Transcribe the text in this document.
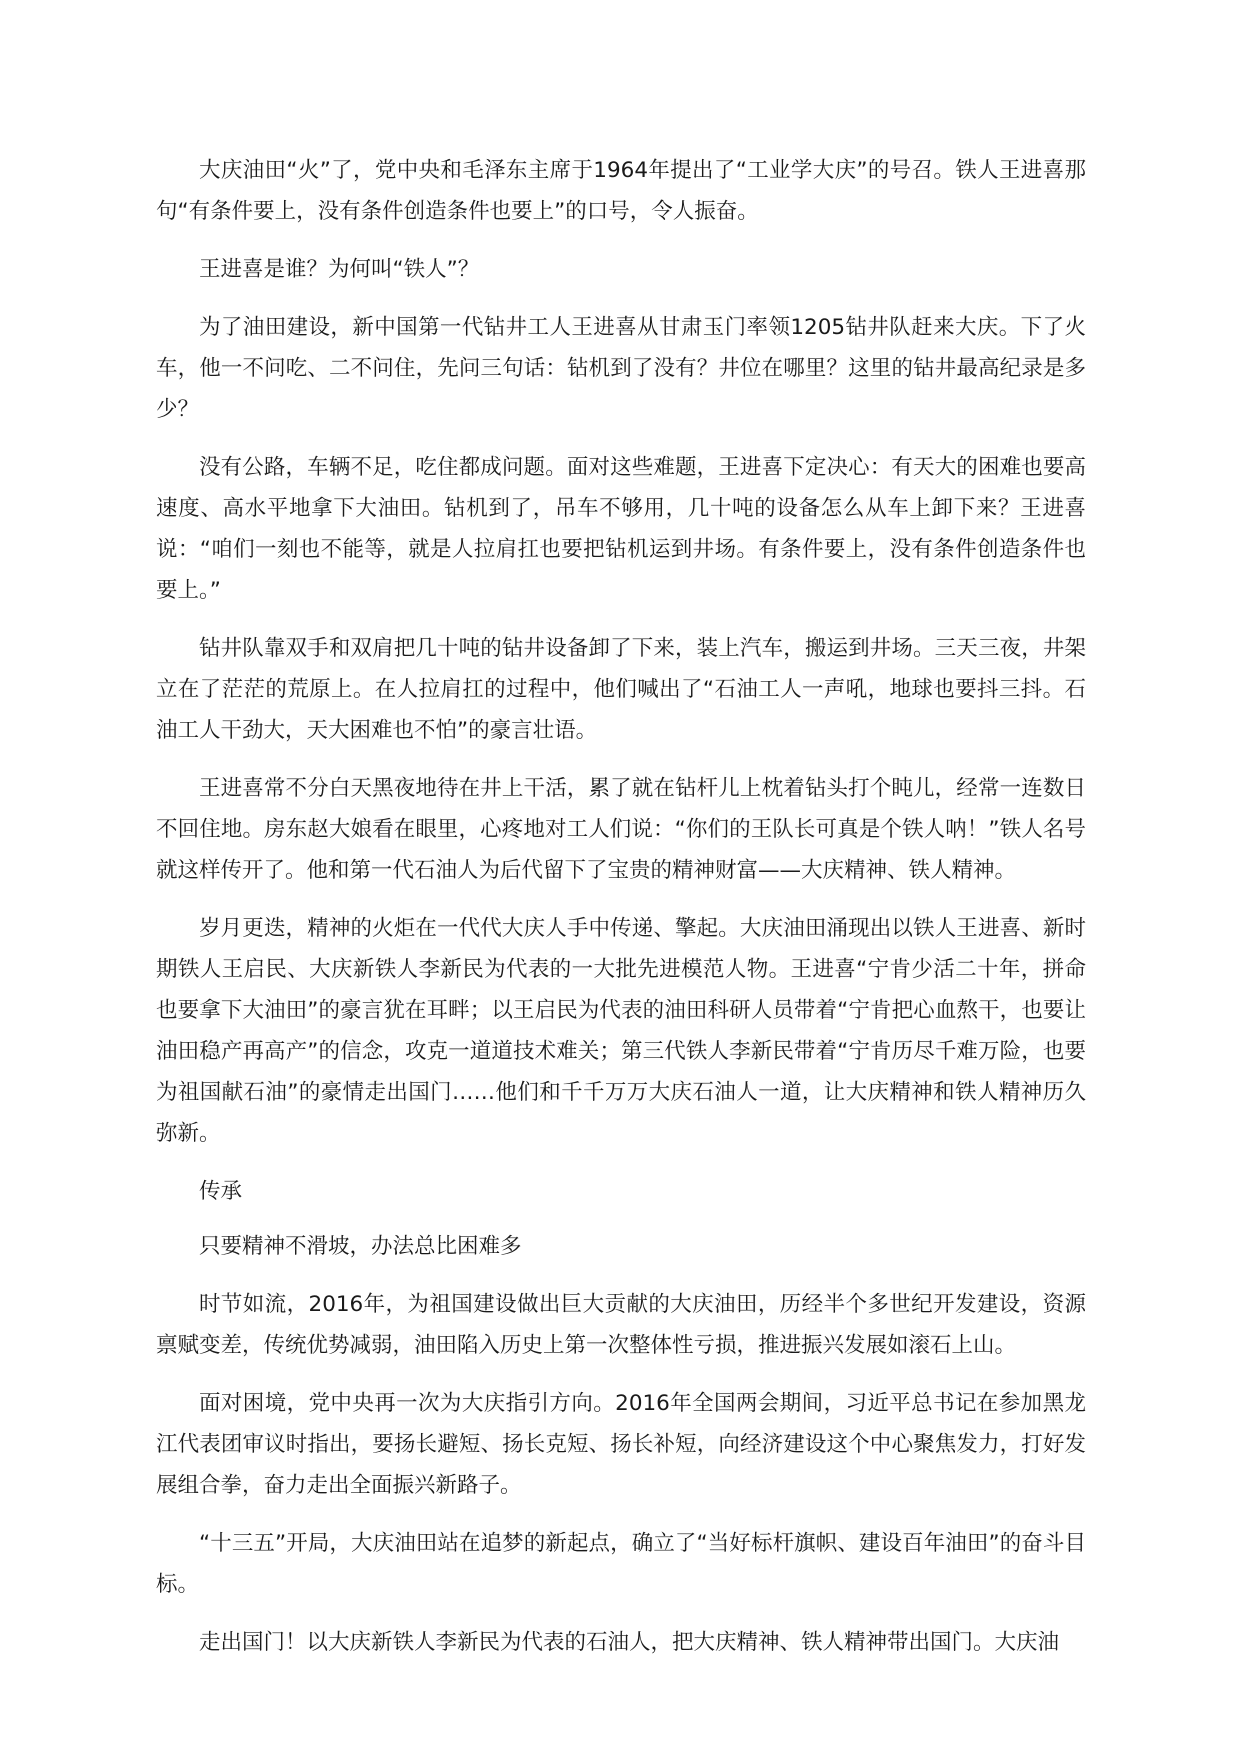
大庆油田“火”了，党中央和毛泽东主席于1964年提出了“工业学大庆”的号召。铁人王进喜那句“有条件要上，没有条件创造条件也要上”的口号，令人振奋。

王进喜是谁？为何叫“铁人”？

为了油田建设，新中国第一代钻井工人王进喜从甘肃玉门率领1205钻井队赶来大庆。下了火车，他一不问吃、二不问住，先问三句话：钻机到了没有？井位在哪里？这里的钻井最高纪录是多少？

没有公路，车辆不足，吃住都成问题。面对这些难题，王进喜下定决心：有天大的困难也要高速度、高水平地拿下大油田。钻机到了，吊车不够用，几十吨的设备怎么从车上卸下来？王进喜说：“咱们一刻也不能等，就是人拉肩扛也要把钻机运到井场。有条件要上，没有条件创造条件也要上。”

钻井队靠双手和双肩把几十吨的钻井设备卸了下来，装上汽车，搬运到井场。三天三夜，井架立在了茫茫的荒原上。在人拉肩扛的过程中，他们喊出了“石油工人一声吼，地球也要抖三抖。石油工人干劲大，天大困难也不怕”的豪言壮语。

王进喜常不分白天黑夜地待在井上干活，累了就在钻杆儿上枕着钻头打个盹儿，经常一连数日不回住地。房东赵大娘看在眼里，心疼地对工人们说：“你们的王队长可真是个铁人呐！”铁人名号就这样传开了。他和第一代石油人为后代留下了宝贵的精神财富——大庆精神、铁人精神。

岁月更迭，精神的火炬在一代代大庆人手中传递、擎起。大庆油田涌现出以铁人王进喜、新时期铁人王启民、大庆新铁人李新民为代表的一大批先进模范人物。王进喜“宁肯少活二十年，拼命也要拿下大油田”的豪言犹在耳畔；以王启民为代表的油田科研人员带着“宁肯把心血熬干，也要让油田稳产再高产”的信念，攻克一道道技术难关；第三代铁人李新民带着“宁肯历尽千难万险，也要为祖国献石油”的豪情走出国门……他们和千千万万大庆石油人一道，让大庆精神和铁人精神历久弥新。

传承

只要精神不滑坡，办法总比困难多

时节如流，2016年，为祖国建设做出巨大贡献的大庆油田，历经半个多世纪开发建设，资源禀赋变差，传统优势减弱，油田陷入历史上第一次整体性亏损，推进振兴发展如滚石上山。

面对困境，党中央再一次为大庆指引方向。2016年全国两会期间，习近平总书记在参加黑龙江代表团审议时指出，要扬长避短、扬长克短、扬长补短，向经济建设这个中心聚焦发力，打好发展组合拳，奋力走出全面振兴新路子。

“十三五”开局，大庆油田站在追梦的新起点，确立了“当好标杆旗帜、建设百年油田”的奋斗目标。

走出国门！以大庆新铁人李新民为代表的石油人，把大庆精神、铁人精神带出国门。大庆油
